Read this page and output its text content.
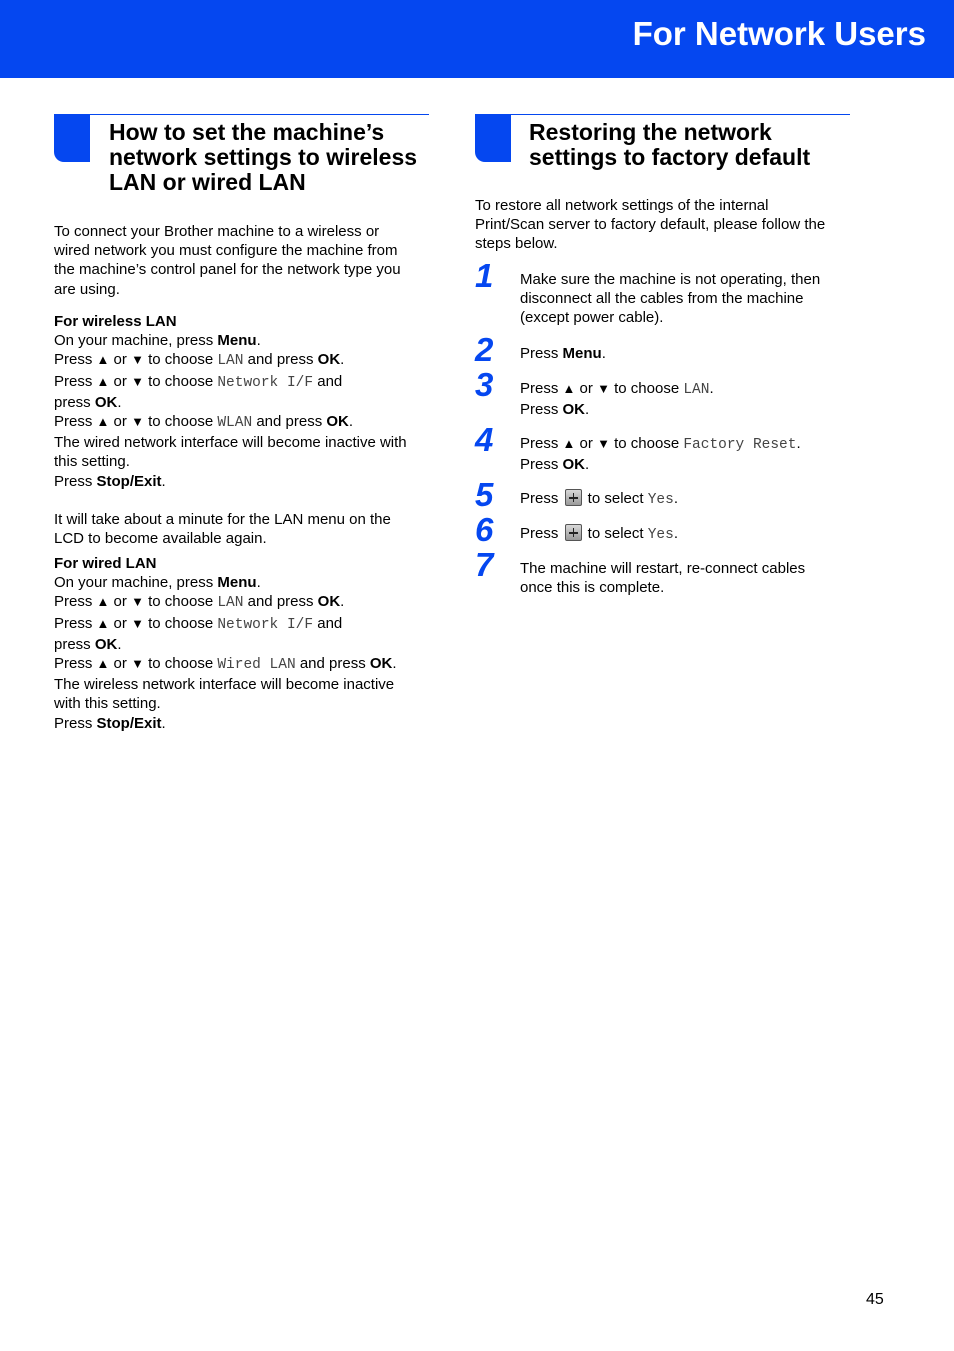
For Network Users
How to set the machine’s
network settings to wireless
LAN or wired LAN

To connect your Brother machine to a wireless or

wired network you must configure the machine from

the machine’s control panel for the network type you

are using.

For wireless LAN

On your machine, press Menu.

Press ▲ or ▼ to choose LAN and press OK.

Press ▲ or ▼ to choose Network I/F and

press OK.

Press ▲ or ▼ to choose WLAN and press OK.

The wired network interface will become inactive with

this setting.

Press Stop/Exit.

It will take about a minute for the LAN menu on the

LCD to become available again.

For wired LAN

On your machine, press Menu.

Press ▲ or ▼ to choose LAN and press OK.

Press ▲ or ▼ to choose Network I/F and

press OK.

Press ▲ or ▼ to choose Wired LAN and press OK.

The wireless network interface will become inactive

with this setting.

Press Stop/Exit.

Restoring the network
settings to factory default

To restore all network settings of the internal

Print/Scan server to factory default, please follow the

steps below.

1 Make sure the machine is not operating, then

disconnect all the cables from the machine

(except power cable).

2 Press Menu.

3 Press ▲ or ▼ to choose LAN.

Press OK.

4 Press ▲ or ▼ to choose Factory Reset.

Press OK.

5 Press  to select Yes.

6 Press  to select Yes.

7 The machine will restart, re-connect cables

once this is complete.

45
